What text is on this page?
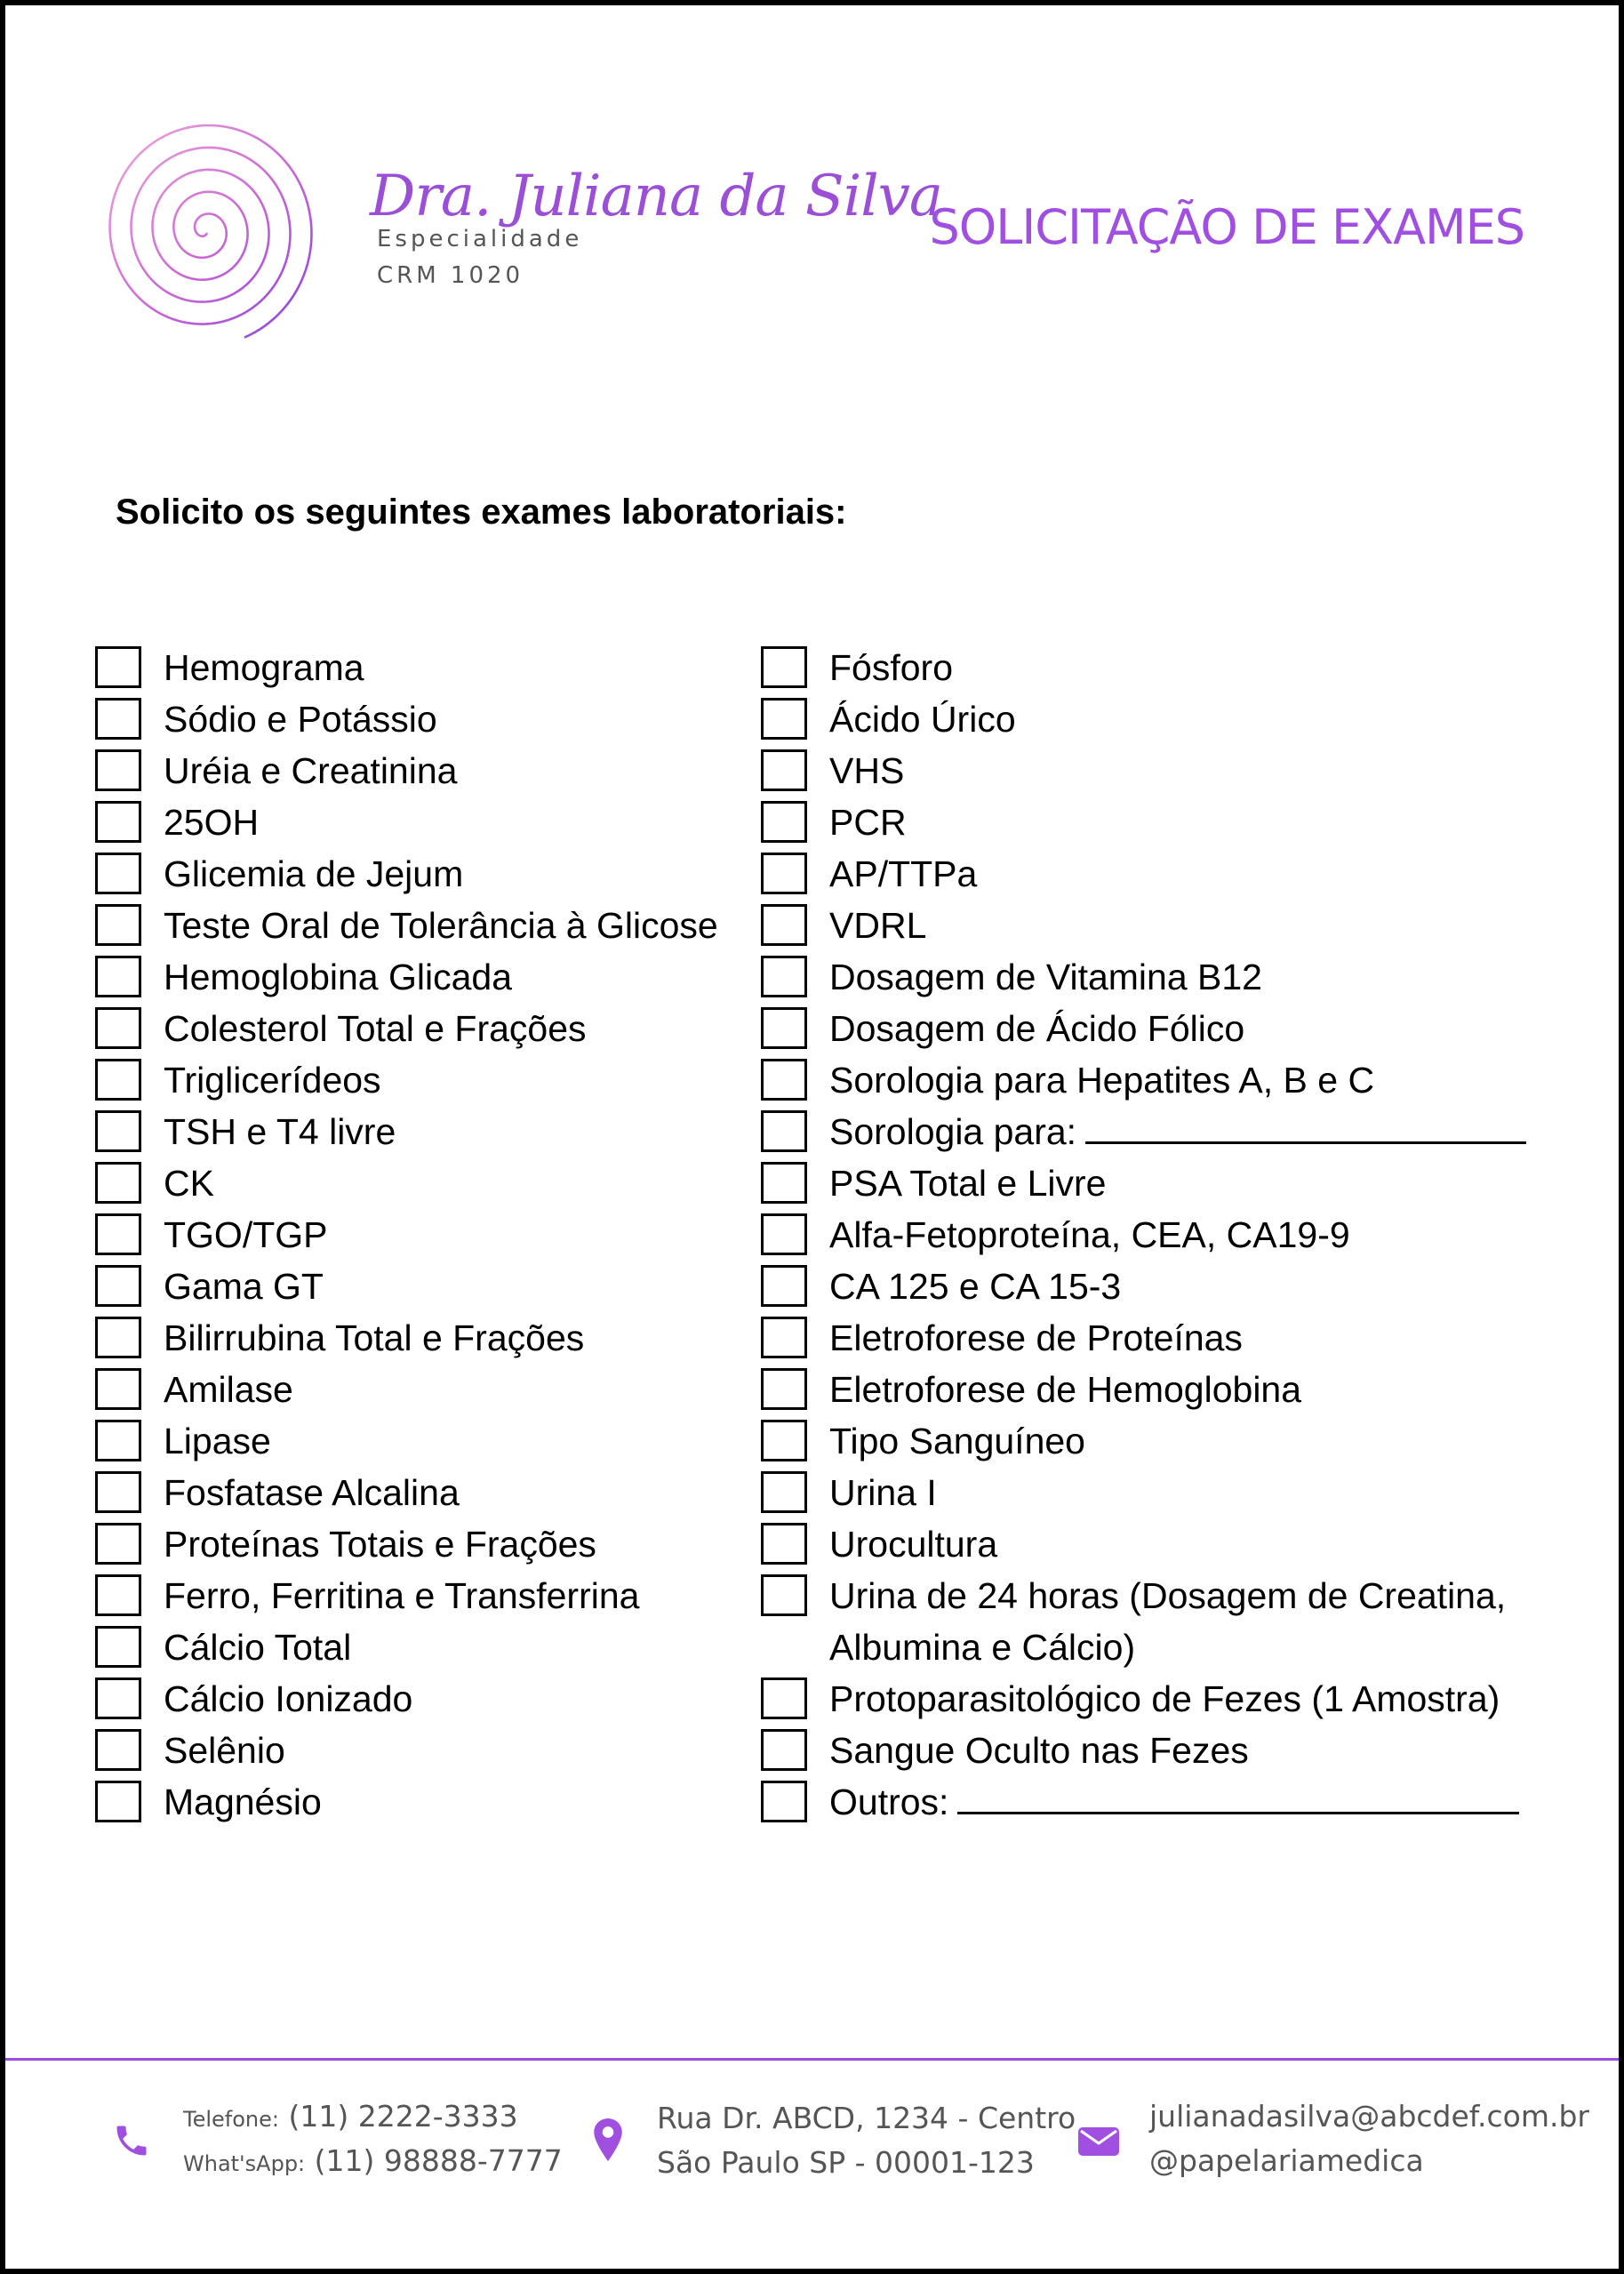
Dra. Juliana da Silva
Especialidade
CRM 1020
SOLICITAÇÃO DE EXAMES
Solicito os seguintes exames laboratoriais:
Hemograma
Sódio e Potássio
Uréia e Creatinina
25OH
Glicemia de Jejum
Teste Oral de Tolerância à Glicose
Hemoglobina Glicada
Colesterol Total e Frações
Triglicerídeos
TSH e T4 livre
CK
TGO/TGP
Gama GT
Bilirrubina Total e Frações
Amilase
Lipase
Fosfatase Alcalina
Proteínas Totais e Frações
Ferro, Ferritina e Transferrina
Cálcio Total
Cálcio Ionizado
Selênio
Magnésio
Fósforo
Ácido Úrico
VHS
PCR
AP/TTPa
VDRL
Dosagem de Vitamina B12
Dosagem de Ácido Fólico
Sorologia para Hepatites A, B e C
Sorologia para:
PSA Total e Livre
Alfa-Fetoproteína, CEA, CA19-9
CA 125 e CA 15-3
Eletroforese de Proteínas
Eletroforese de Hemoglobina
Tipo Sanguíneo
Urina I
Urocultura
Urina de 24 horas (Dosagem de Creatina, Albumina e Cálcio)
Protoparasitológico de Fezes (1 Amostra)
Sangue Oculto nas Fezes
Outros:
Telefone: (11) 2222-3333
What'sApp: (11) 98888-7777
Rua Dr. ABCD, 1234 - Centro
São Paulo SP - 00001-123
julianadasilva@abcdef.com.br
@papelariamedica
